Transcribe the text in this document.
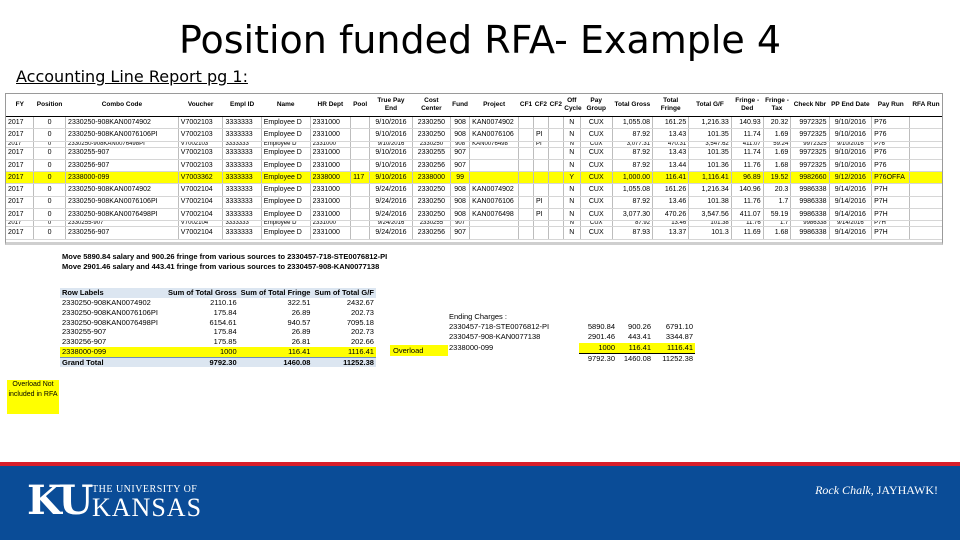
Position funded RFA- Example 4
Accounting Line Report pg 1:
FY	Position	Combo Code	Voucher	Empl ID	Name	HR Dept	Pool	True Pay End	Cost Center	Fund	Project	CF1	CF2	CF2	Off Cycle	Pay Group	Total Gross	Total Fringe	Total G/F	Fringe - Ded	Fringe - Tax	Check Nbr	PP End Date	Pay Run	RFA Run
2017	0	2330250-908KAN0074902	V7002103	3333333	Employee D	2331000		9/10/2016	2330250	908	KAN0074902				N	CUX	1,055.08	161.25	1,216.33	140.93	20.32	9972325	9/10/2016	P76	
2017	0	2330250-908KAN0076106PI	V7002103	3333333	Employee D	2331000		9/10/2016	2330250	908	KAN0076106		PI		N	CUX	87.92	13.43	101.35	11.74	1.69	9972325	9/10/2016	P76	
2017	0	2330250-908KAN0076498PI	V7002103	3333333	Employee D	2331000		9/10/2016	2330250	908	KAN0076498		PI		N	CUX	3,077.31	470.31	3,547.62	411.07	59.24	9972325	9/10/2016	P76	
2017	0	2330255-907	V7002103	3333333	Employee D	2331000		9/10/2016	2330255	907					N	CUX	87.92	13.43	101.35	11.74	1.69	9972325	9/10/2016	P76	
2017	0	2330256-907	V7002103	3333333	Employee D	2331000		9/10/2016	2330256	907					N	CUX	87.92	13.44	101.36	11.76	1.68	9972325	9/10/2016	P76	
2017	0	2338000-099	V7003362	3333333	Employee D	2338000	117	9/10/2016	2338000	99					Y	CUX	1,000.00	116.41	1,116.41	96.89	19.52	9982660	9/12/2016	P76OFFA	
2017	0	2330250-908KAN0074902	V7002104	3333333	Employee D	2331000		9/24/2016	2330250	908	KAN0074902				N	CUX	1,055.08	161.26	1,216.34	140.96	20.3	9986338	9/14/2016	P7H	
2017	0	2330250-908KAN0076106PI	V7002104	3333333	Employee D	2331000		9/24/2016	2330250	908	KAN0076106		PI		N	CUX	87.92	13.46	101.38	11.76	1.7	9986338	9/14/2016	P7H	
2017	0	2330250-908KAN0076498PI	V7002104	3333333	Employee D	2331000		9/24/2016	2330250	908	KAN0076498		PI		N	CUX	3,077.30	470.26	3,547.56	411.07	59.19	9986338	9/14/2016	P7H	
2017	0	2330255-907	V7002104	3333333	Employee D	2331000		9/24/2016	2330255	907					N	CUX	87.92	13.46	101.38	11.76	1.7	9986338	9/14/2016	P7H	
2017	0	2330256-907	V7002104	3333333	Employee D	2331000		9/24/2016	2330256	907					N	CUX	87.93	13.37	101.3	11.69	1.68	9986338	9/14/2016	P7H	
Move 5890.84 salary and 900.26 fringe from various sources to 2330457-718-STE0076812-PI
Move 2901.46 salary and 443.41 fringe from various sources to 2330457-908-KAN0077138
Row Labels	Sum of Total Gross	Sum of Total Fringe	Sum of Total G/F
2330250-908KAN0074902	2110.16	322.51	2432.67
2330250-908KAN0076106PI	175.84	26.89	202.73
2330250-908KAN0076498PI	6154.61	940.57	7095.18
2330255-907	175.84	26.89	202.73
2330256-907	175.85	26.81	202.66
2338000-099	1000	116.41	1116.41
Grand Total	9792.30	1460.08	11252.38
Overload Not included in RFA
Overload
Ending Charges :			
2330457-718-STE0076812-PI	5890.84	900.26	6791.10
2330457-908-KAN0077138	2901.46	443.41	3344.87
2338000-099	1000	116.41	1116.41
	9792.30	1460.08	11252.38
KU THE UNIVERSITY OF
KANSAS
Rock Chalk, JAYHAWK!
